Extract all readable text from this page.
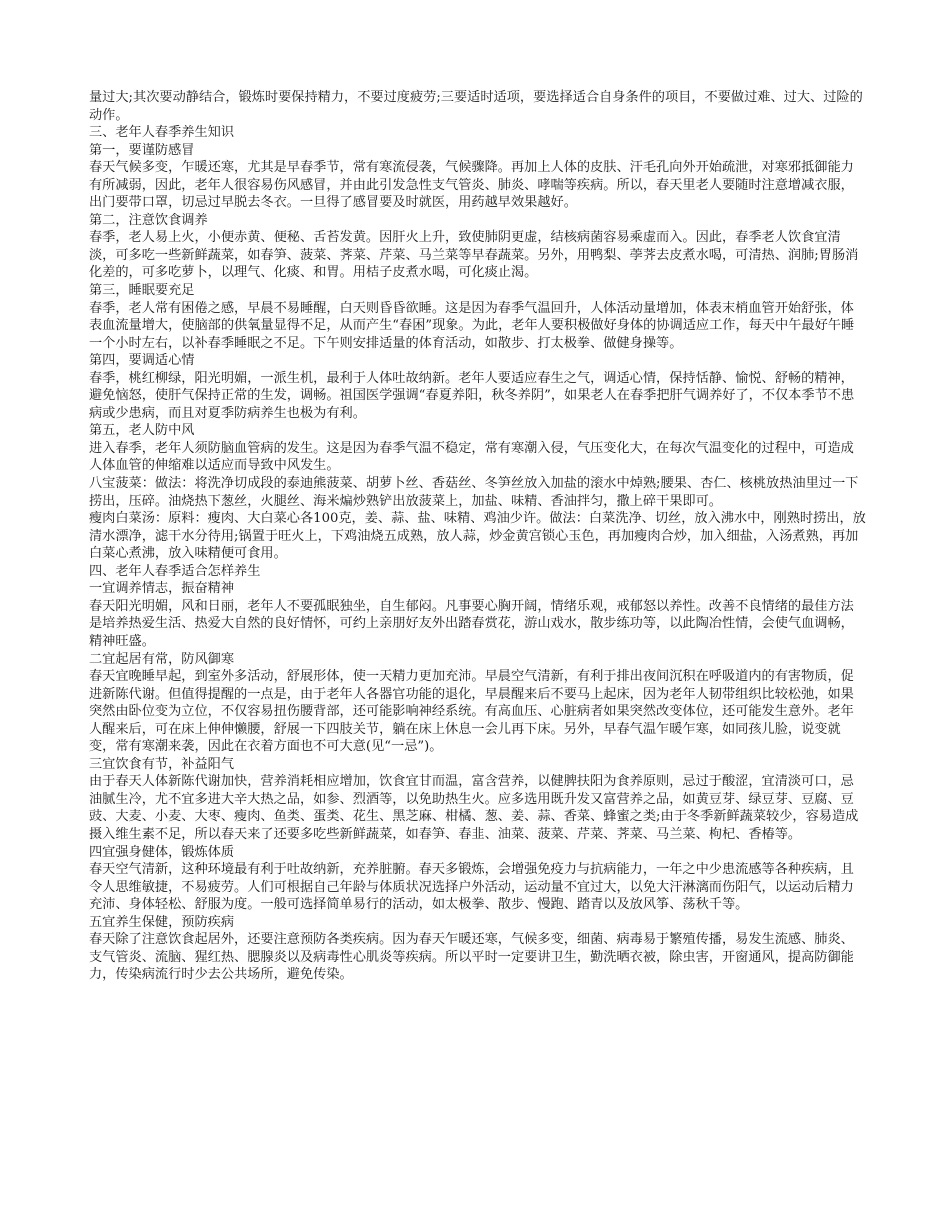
量过大;其次要动静结合，锻炼时要保持精力，不要过度疲劳;三要适时适项，要选择适合自身条件的项目，不要做过难、过大、过险的动作。

三、老年人春季养生知识

第一，要谨防感冒

春天气候多变，乍暖还寒，尤其是早春季节，常有寒流侵袭，气候骤降。再加上人体的皮肤、汗毛孔向外开始疏泄，对寒邪抵御能力有所减弱，因此，老年人很容易伤风感冒，并由此引发急性支气管炎、肺炎、哮喘等疾病。所以，春天里老人要随时注意增减衣服，出门要带口罩，切忌过早脱去冬衣。一旦得了感冒要及时就医，用药越早效果越好。

第二，注意饮食调养

春季，老人易上火，小便赤黄、便秘、舌苔发黄。因肝火上升，致使肺阴更虚，结核病菌容易乘虚而入。因此，春季老人饮食宜清淡，可多吃一些新鲜蔬菜，如春笋、菠菜、荠菜、芹菜、马兰菜等早春蔬菜。另外，用鸭梨、荸荠去皮煮水喝，可清热、润肺;胃肠消化差的，可多吃萝卜，以理气、化痰、和胃。用桔子皮煮水喝，可化痰止渴。

第三，睡眠要充足

春季，老人常有困倦之感，早晨不易睡醒，白天则昏昏欲睡。这是因为春季气温回升，人体活动量增加，体表末梢血管开始舒张，体表血流量增大，使脑部的供氧量显得不足，从而产生“春困”现象。为此，老年人要积极做好身体的协调适应工作，每天中午最好午睡一个小时左右，以补春季睡眠之不足。下午则安排适量的体育活动，如散步、打太极拳、做健身操等。

第四，要调适心情

春季，桃红柳绿，阳光明媚，一派生机，最利于人体吐故纳新。老年人要适应春生之气，调适心情，保持恬静、愉悦、舒畅的精神，避免恼怒，使肝气保持正常的生发，调畅。祖国医学强调“春夏养阳，秋冬养阴”，如果老人在春季把肝气调养好了，不仅本季节不患病或少患病，而且对夏季防病养生也极为有利。

第五，老人防中风

进入春季，老年人须防脑血管病的发生。这是因为春季气温不稳定，常有寒潮入侵，气压变化大，在每次气温变化的过程中，可造成人体血管的伸缩难以适应而导致中风发生。

八宝菠菜：做法：将洗净切成段的泰迪熊菠菜、胡萝卜丝、香菇丝、冬笋丝放入加盐的滚水中焯熟;腰果、杏仁、核桃放热油里过一下捞出，压碎。油烧热下葱丝，火腿丝、海米煸炒熟铲出放菠菜上，加盐、味精、香油拌匀，撒上碎干果即可。

瘦肉白菜汤：原料：瘦肉、大白菜心各100克，姜、蒜、盐、味精、鸡油少许。做法：白菜洗净、切丝，放入沸水中，刚熟时捞出，放清水漂净，滤干水分待用;锅置于旺火上，下鸡油烧五成熟，放人蒜，炒金黄宫锁心玉色，再加瘦肉合炒，加入细盐，入汤煮熟，再加白菜心煮沸，放入味精便可食用。

四、老年人春季适合怎样养生

一宜调养情志，振奋精神

春天阳光明媚，风和日丽，老年人不要孤眠独坐，自生郁闷。凡事要心胸开阔，情绪乐观，戒郁怒以养性。改善不良情绪的最佳方法是培养热爱生活、热爱大自然的良好情怀，可约上亲朋好友外出踏春赏花，游山戏水，散步练功等，以此陶冶性情，会使气血调畅，精神旺盛。

二宜起居有常，防风御寒

春天宜晚睡早起，到室外多活动，舒展形体，使一天精力更加充沛。早晨空气清新，有利于排出夜间沉积在呼吸道内的有害物质，促进新陈代谢。但值得提醒的一点是，由于老年人各器官功能的退化，早晨醒来后不要马上起床，因为老年人韧带组织比较松弛，如果突然由卧位变为立位，不仅容易扭伤腰背部，还可能影响神经系统。有高血压、心脏病者如果突然改变体位，还可能发生意外。老年人醒来后，可在床上伸伸懒腰，舒展一下四肢关节，躺在床上休息一会儿再下床。另外，早春气温乍暖乍寒，如同孩儿脸，说变就变，常有寒潮来袭，因此在衣着方面也不可大意(见“一忌”)。

三宜饮食有节，补益阳气

由于春天人体新陈代谢加快，营养消耗相应增加，饮食宜甘而温，富含营养，以健脾扶阳为食养原则，忌过于酸涩，宜清淡可口，忌油腻生冷，尤不宜多进大辛大热之品，如参、烈酒等，以免助热生火。应多选用既升发又富营养之品，如黄豆芽、绿豆芽、豆腐、豆豉、大麦、小麦、大枣、瘦肉、鱼类、蛋类、花生、黑芝麻、柑橘、葱、姜、蒜、香菜、蜂蜜之类;由于冬季新鲜蔬菜较少，容易造成摄入维生素不足，所以春天来了还要多吃些新鲜蔬菜，如春笋、春韭、油菜、菠菜、芹菜、荠菜、马兰菜、枸杞、香椿等。

四宜强身健体，锻炼体质

春天空气清新，这种环境最有利于吐故纳新，充养脏腑。春天多锻炼，会增强免疫力与抗病能力，一年之中少患流感等各种疾病，且令人思维敏捷，不易疲劳。人们可根据自己年龄与体质状况选择户外活动，运动量不宜过大，以免大汗淋漓而伤阳气，以运动后精力充沛、身体轻松、舒服为度。一般可选择简单易行的活动，如太极拳、散步、慢跑、踏青以及放风筝、荡秋千等。

五宜养生保健，预防疾病

春天除了注意饮食起居外，还要注意预防各类疾病。因为春天乍暖还寒，气候多变，细菌、病毒易于繁殖传播，易发生流感、肺炎、支气管炎、流脑、猩红热、腮腺炎以及病毒性心肌炎等疾病。所以平时一定要讲卫生，勤洗晒衣被，除虫害，开窗通风，提高防御能力，传染病流行时少去公共场所，避免传染。
